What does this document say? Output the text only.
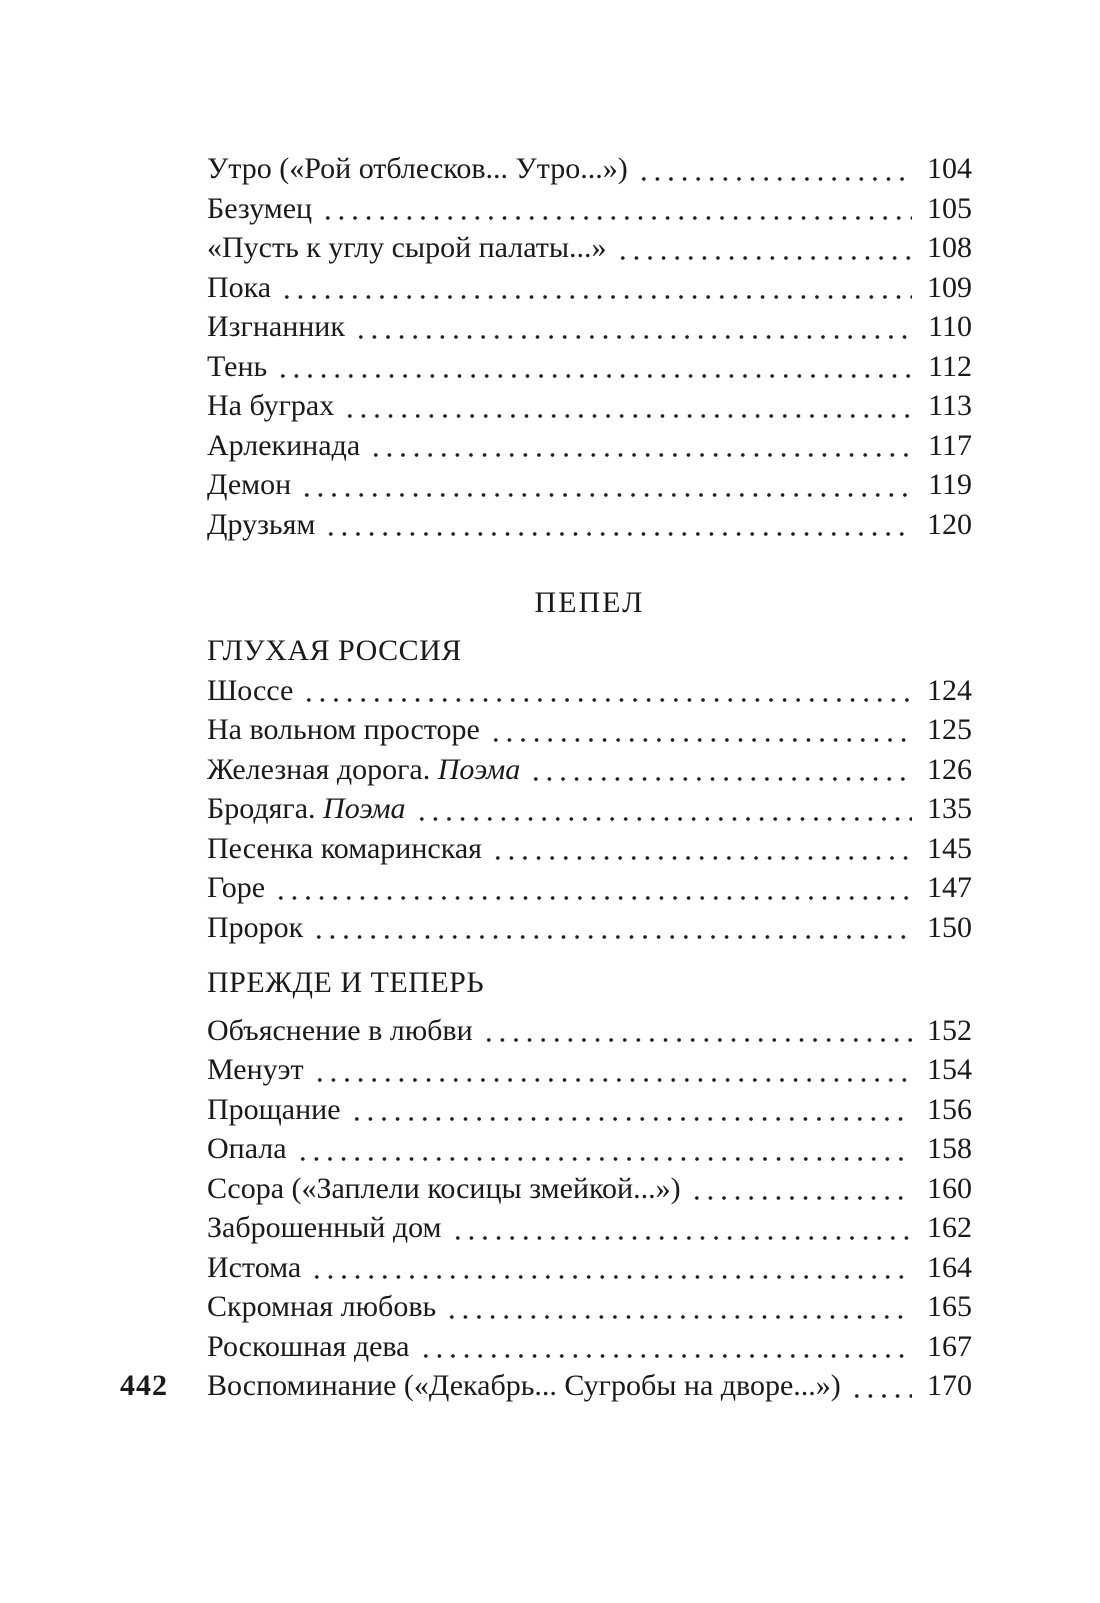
Утро («Рой отблесков... Утро...»)	104
Безумец	105
«Пусть к углу сырой палаты...»	108
Пока	109
Изгнанник	110
Тень	112
На буграх	113
Арлекинада	117
Демон	119
Друзьям	120
ПЕПЕЛ
ГЛУХАЯ РОССИЯ
Шоссе	124
На вольном просторе	125
Железная дорога. Поэма	126
Бродяга. Поэма	135
Песенка комаринская	145
Горе	147
Пророк	150
ПРЕЖДЕ И ТЕПЕРЬ
Объяснение в любви	152
Менуэт	154
Прощание	156
Опала	158
Ссора («Заплели косицы змейкой...»)	160
Заброшенный дом	162
Истома	164
Скромная любовь	165
Роскошная дева	167
Воспоминание («Декабрь... Сугробы на дворе...»)	170
442
